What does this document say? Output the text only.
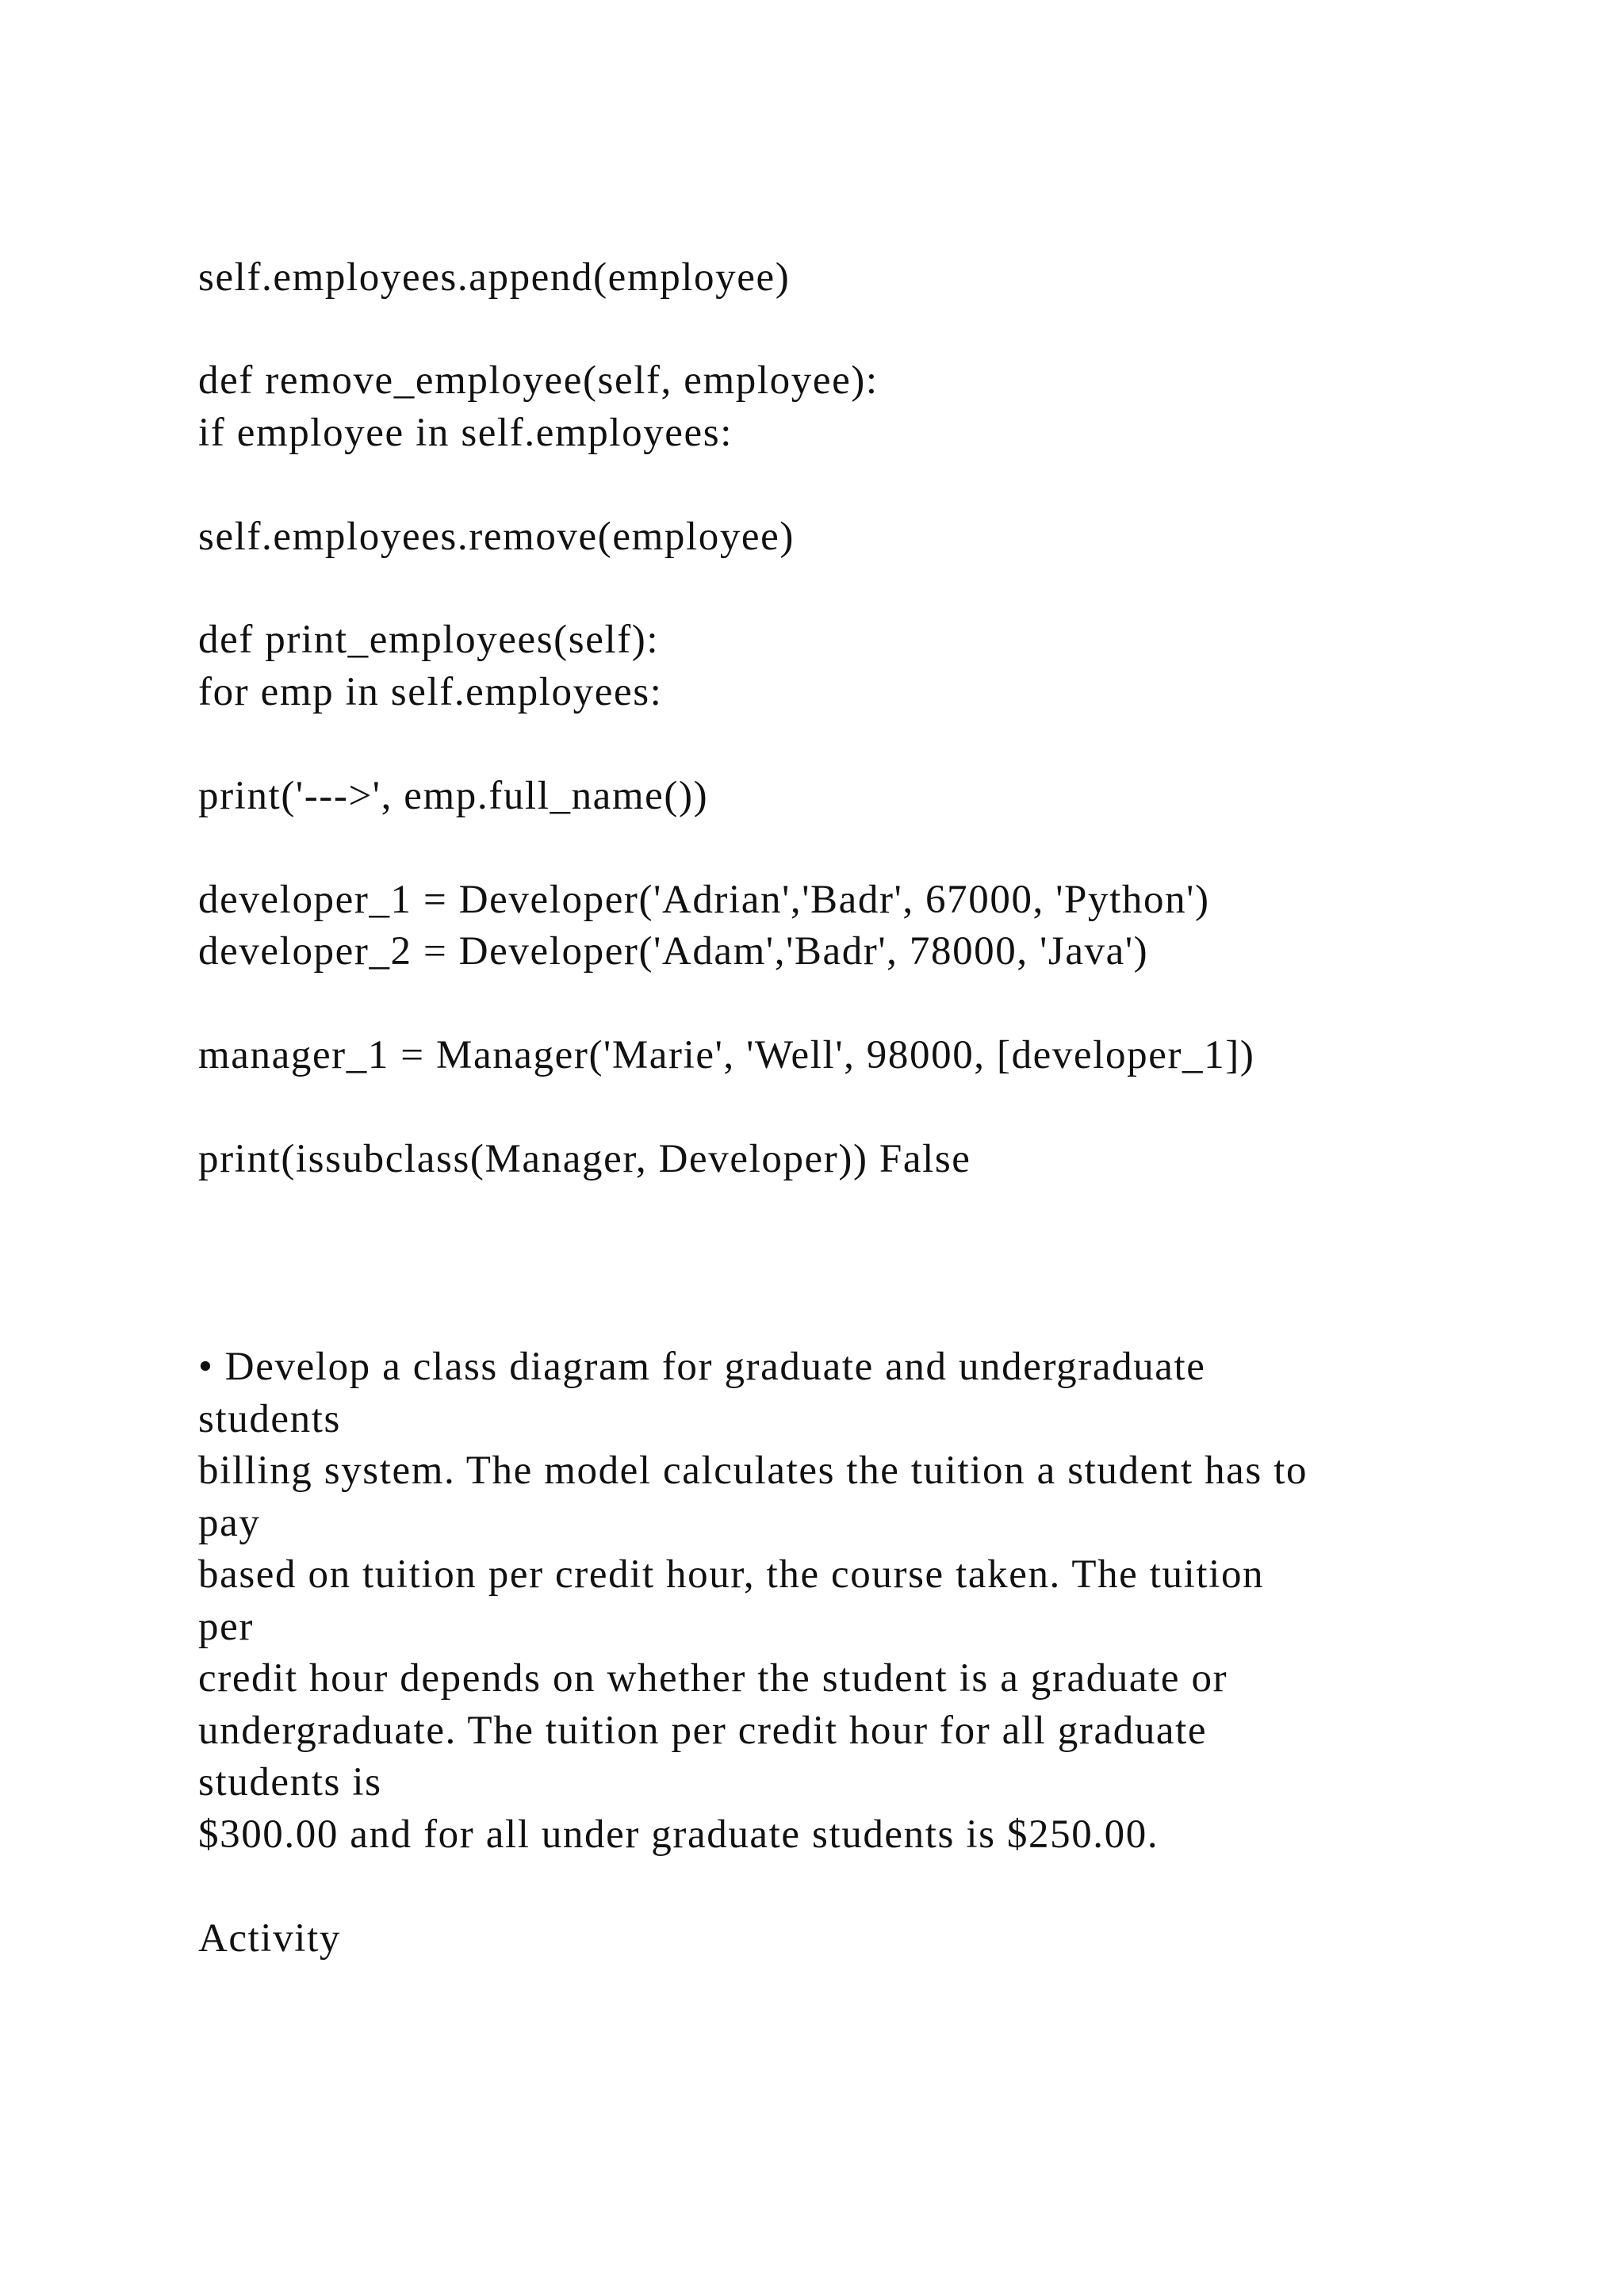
self.employees.append(employee)
def remove_employee(self, employee):
if employee in self.employees:
self.employees.remove(employee)
def print_employees(self):
for emp in self.employees:
print('--->', emp.full_name())
developer_1 = Developer('Adrian','Badr', 67000, 'Python')
developer_2 = Developer('Adam','Badr', 78000, 'Java')
manager_1 = Manager('Marie', 'Well', 98000, [developer_1])
print(issubclass(Manager, Developer)) False
• Develop a class diagram for graduate and undergraduate
students
billing system. The model calculates the tuition a student has to
pay
based on tuition per credit hour, the course taken. The tuition
per
credit hour depends on whether the student is a graduate or
undergraduate. The tuition per credit hour for all graduate
students is
$300.00 and for all under graduate students is $250.00.
Activity
